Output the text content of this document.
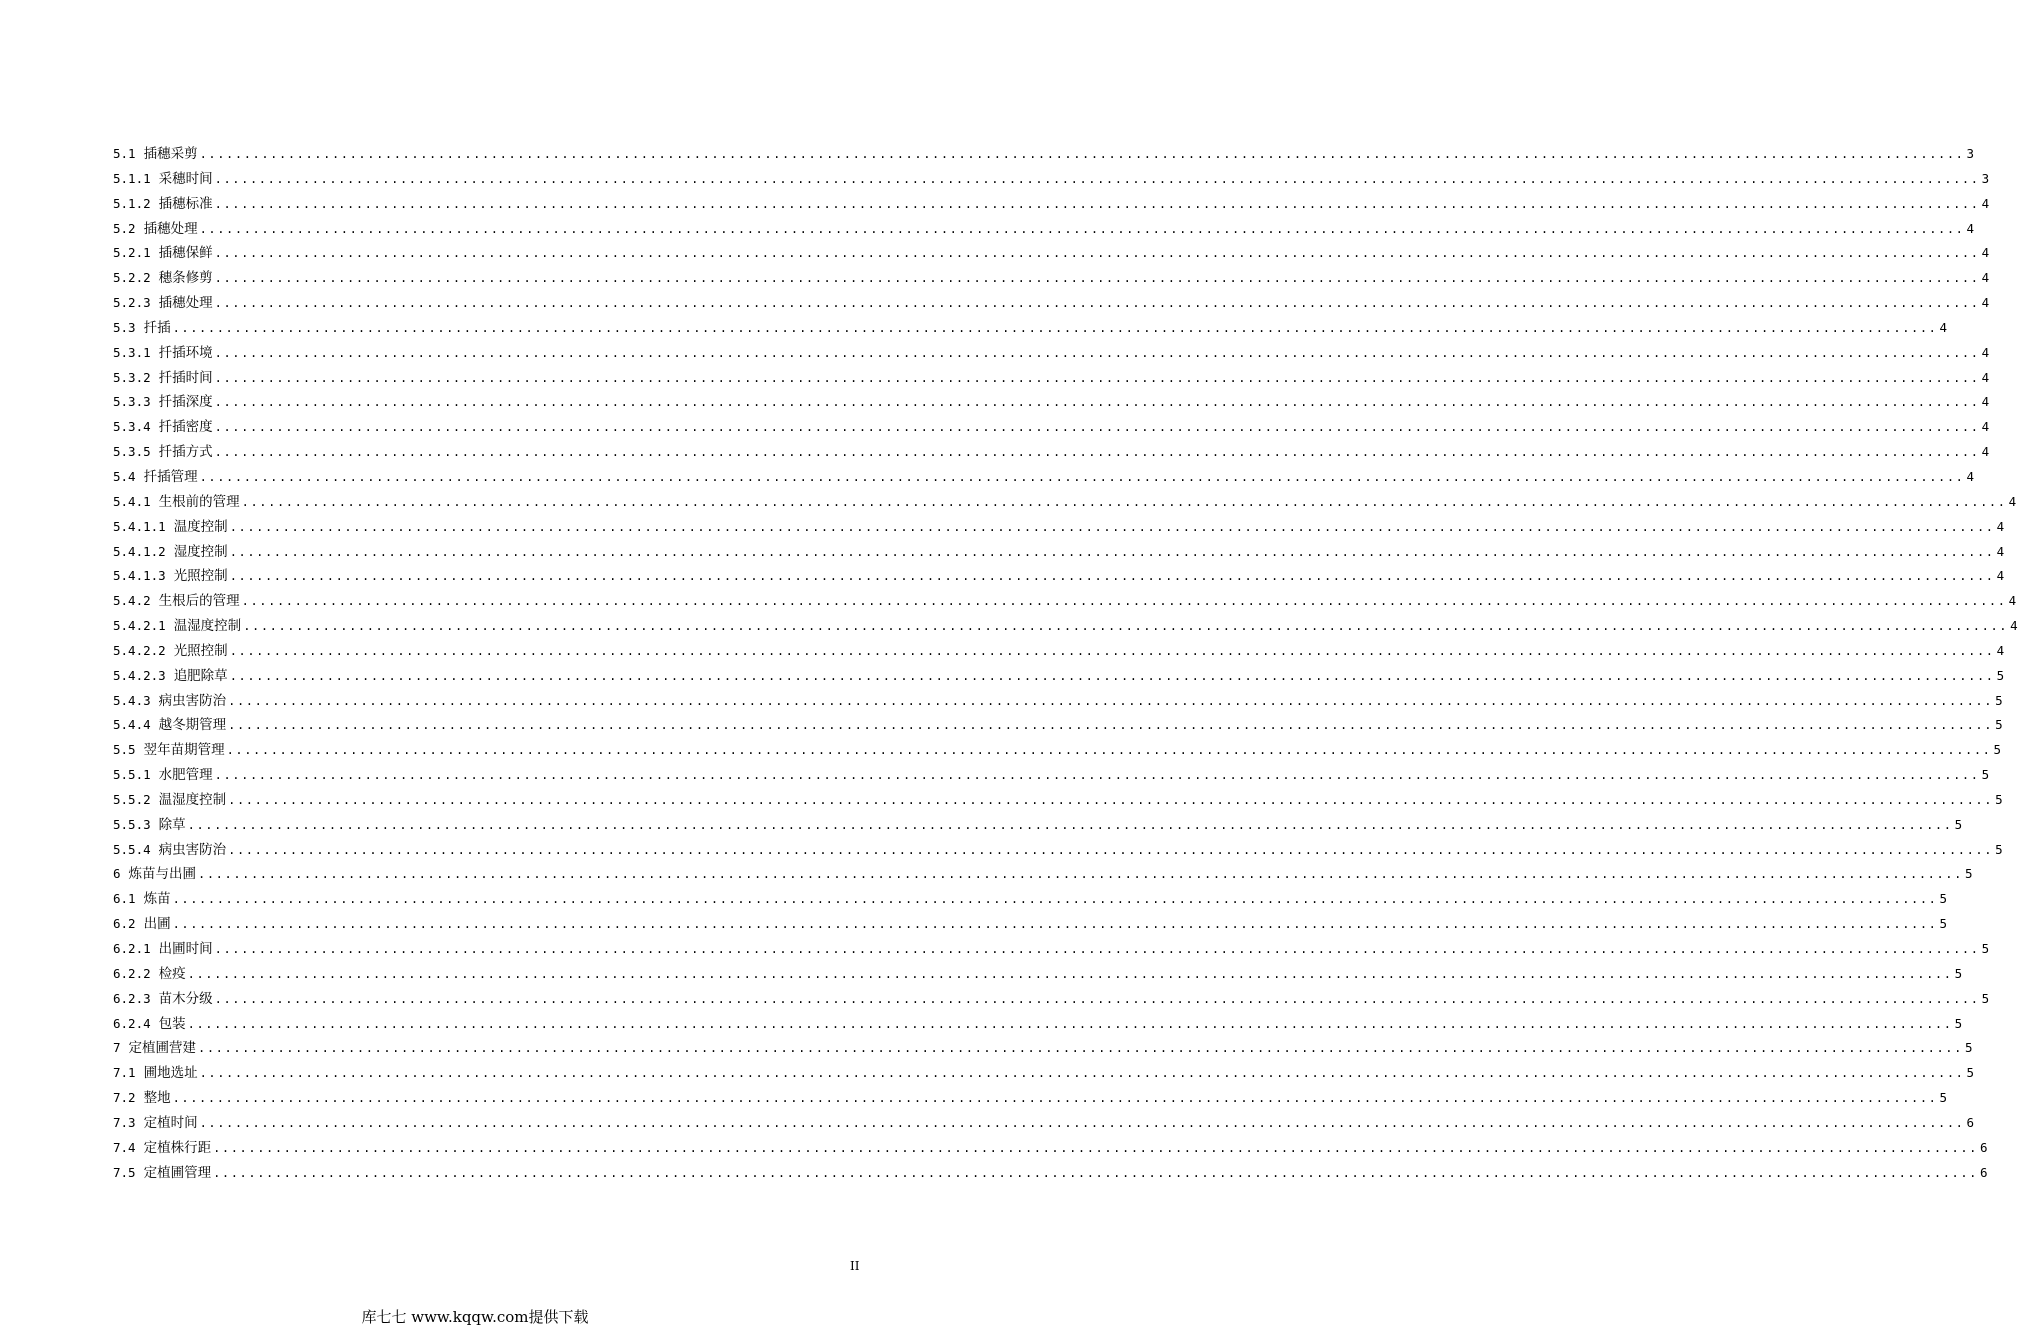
5.1 插穗采剪 ........................................................................................................................................................................................................ 3
5.1.1 采穗时间 ........................................................................................................................................................................................................ 3
5.1.2 插穗标准 ........................................................................................................................................................................................................ 4
5.2 插穗处理 ........................................................................................................................................................................................................ 4
5.2.1 插穗保鲜 ........................................................................................................................................................................................................ 4
5.2.2 穗条修剪 ........................................................................................................................................................................................................ 4
5.2.3 插穗处理 ........................................................................................................................................................................................................ 4
5.3 扦插 ........................................................................................................................................................................................................ 4
5.3.1 扦插环境 ........................................................................................................................................................................................................ 4
5.3.2 扦插时间 ........................................................................................................................................................................................................ 4
5.3.3 扦插深度 ........................................................................................................................................................................................................ 4
5.3.4 扦插密度 ........................................................................................................................................................................................................ 4
5.3.5 扦插方式 ........................................................................................................................................................................................................ 4
5.4 扦插管理 ........................................................................................................................................................................................................ 4
5.4.1 生根前的管理 ........................................................................................................................................................................................................ 4
5.4.1.1 温度控制 ........................................................................................................................................................................................................ 4
5.4.1.2 湿度控制 ........................................................................................................................................................................................................ 4
5.4.1.3 光照控制 ........................................................................................................................................................................................................ 4
5.4.2 生根后的管理 ........................................................................................................................................................................................................ 4
5.4.2.1 温湿度控制 ........................................................................................................................................................................................................ 4
5.4.2.2 光照控制 ........................................................................................................................................................................................................ 4
5.4.2.3 追肥除草 ........................................................................................................................................................................................................ 5
5.4.3 病虫害防治 ........................................................................................................................................................................................................ 5
5.4.4 越冬期管理 ........................................................................................................................................................................................................ 5
5.5 翌年苗期管理 ........................................................................................................................................................................................................ 5
5.5.1 水肥管理 ........................................................................................................................................................................................................ 5
5.5.2 温湿度控制 ........................................................................................................................................................................................................ 5
5.5.3 除草 ........................................................................................................................................................................................................ 5
5.5.4 病虫害防治 ........................................................................................................................................................................................................ 5
6 炼苗与出圃 ........................................................................................................................................................................................................ 5
6.1 炼苗 ........................................................................................................................................................................................................ 5
6.2 出圃 ........................................................................................................................................................................................................ 5
6.2.1 出圃时间 ........................................................................................................................................................................................................ 5
6.2.2 检疫 ........................................................................................................................................................................................................ 5
6.2.3 苗木分级 ........................................................................................................................................................................................................ 5
6.2.4 包装 ........................................................................................................................................................................................................ 5
7 定植圃营建 ........................................................................................................................................................................................................ 5
7.1 圃地选址 ........................................................................................................................................................................................................ 5
7.2 整地 ........................................................................................................................................................................................................ 5
7.3 定植时间 ........................................................................................................................................................................................................ 6
7.4 定植株行距 ........................................................................................................................................................................................................ 6
7.5 定植圃管理 ........................................................................................................................................................................................................ 6
II
库七七 www.kqqw.com提供下载
